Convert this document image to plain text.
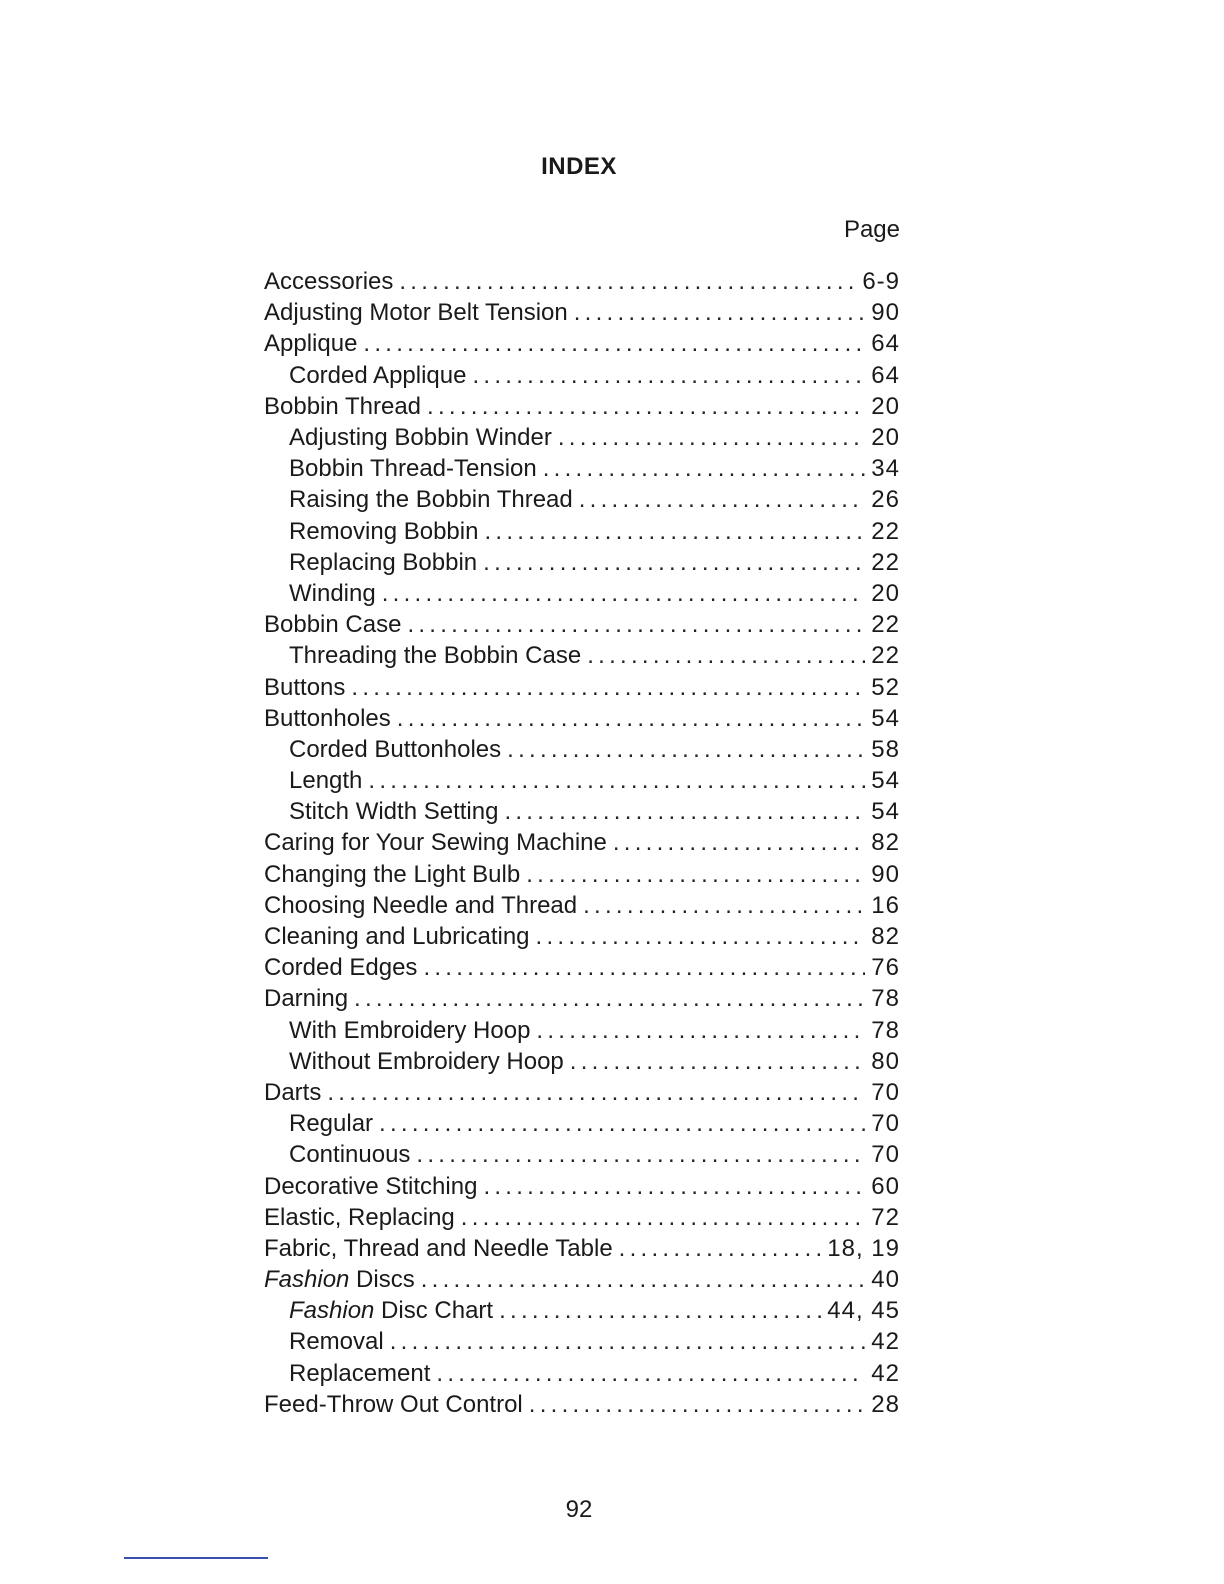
INDEX
Page
Accessories . . .	6-9
Adjusting Motor Belt Tension . . .	90
Applique . . .	64
Corded Applique . . .	64
Bobbin Thread . . .	20
Adjusting Bobbin Winder . . .	20
Bobbin Thread-Tension . . .	34
Raising the Bobbin Thread . . .	26
Removing Bobbin . . .	22
Replacing Bobbin . . .	22
Winding . . .	20
Bobbin Case . . .	22
Threading the Bobbin Case . . .	22
Buttons . . .	52
Buttonholes . . .	54
Corded Buttonholes . . .	58
Length . . .	54
Stitch Width Setting . . .	54
Caring for Your Sewing Machine . . .	82
Changing the Light Bulb . . .	90
Choosing Needle and Thread . . .	16
Cleaning and Lubricating . . .	82
Corded Edges . . .	76
Darning . . .	78
With Embroidery Hoop . . .	78
Without Embroidery Hoop . . .	80
Darts . . .	70
Regular . . .	70
Continuous . . .	70
Decorative Stitching . . .	60
Elastic, Replacing . . .	72
Fabric, Thread and Needle Table . . .	18, 19
Fashion Discs . . .	40
Fashion Disc Chart . . .	44, 45
Removal . . .	42
Replacement . . .	42
Feed-Throw Out Control . . .	28
92
